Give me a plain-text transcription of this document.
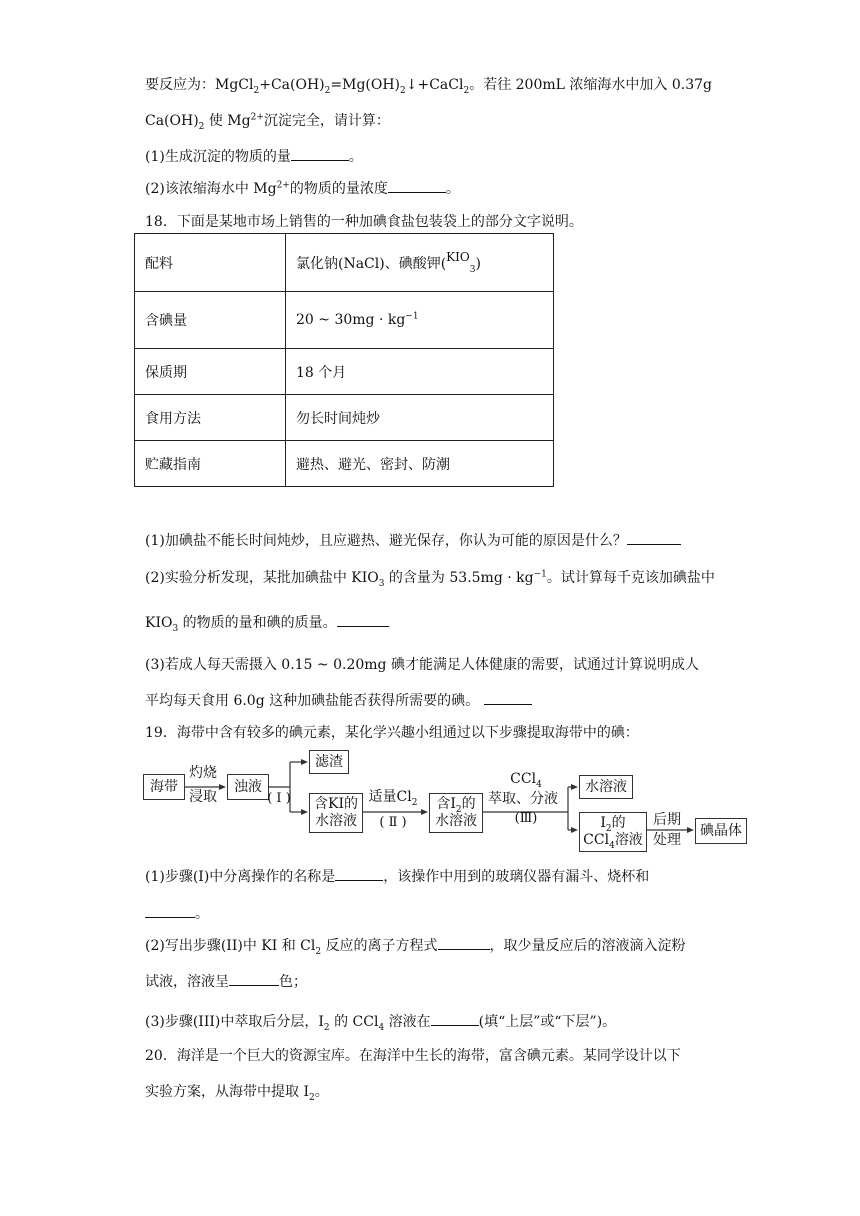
要反应为：$MgCl_2+Ca(OH)_2=Mg(OH)_2↓+CaCl_2$。若往 200mL 浓缩海水中加入 0.37g
$Ca(OH)_2$ 使 $Mg^{2+}$沉淀完全，请计算：
(1)生成沉淀的物质的量	。
(2)该浓缩海水中 $Mg^{2+}$的物质的量浓度	。
18．下面是某地市场上销售的一种加碘食盐包装袋上的部分文字说明。
配料	氯化钠(NaCl)、碘酸钾$(KIO_3)$
含碘量	20 ~ $30mg \cdot kg^{-1}$
保质期	18 个月
食用方法	勿长时间炖炒
贮藏指南	避热、避光、密封、防潮
(1)加碘盐不能长时间炖炒，且应避热、避光保存，你认为可能的原因是什么？
(2)实验分析发现，某批加碘盐中 $KIO_3$ 的含量为 $53.5mg \cdot kg^{-1}$。试计算每千克该加碘盐中
$KIO_3$ 的物质的量和碘的质量。
(3)若成人每天需摄入 0.15 ~ 0.20mg 碘才能满足人体健康的需要，试通过计算说明成人
平均每天食用 6.0g 这种加碘盐能否获得所需要的碘。
19．海带中含有较多的碘元素，某化学兴趣小组通过以下步骤提取海带中的碘：
海带
灼烧
浸取
浊液
( Ⅰ )
滤渣
含KI的
水溶液
适量$Cl_2$
( Ⅱ )
含$I_2$的
水溶液
CCl$_4$
萃取、分液
(Ⅲ)
水溶液
$I_2$的
CCl$_4$溶液
后期
处理
碘晶体
(1)步骤(I)中分离操作的名称是	，该操作中用到的玻璃仪器有漏斗、烧杯和
。
(2)写出步骤(II)中 KI 和 $Cl_2$ 反应的离子方程式	，取少量反应后的溶液滴入淀粉
试液，溶液呈	色；
(3)步骤(III)中萃取后分层，$I_2$ 的 CCl$_4$ 溶液在	(填“上层”或“下层”)。
20．海洋是一个巨大的资源宝库。在海洋中生长的海带，富含碘元素。某同学设计以下
实验方案，从海带中提取 $I_2$。
